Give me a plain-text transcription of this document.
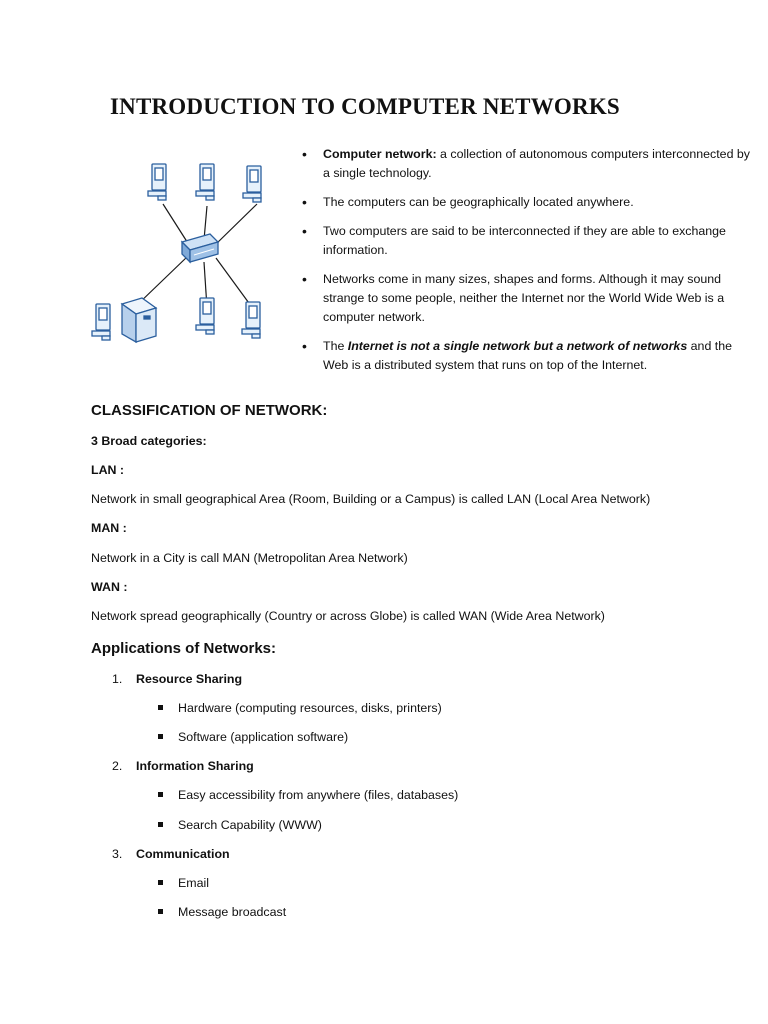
INTRODUCTION TO COMPUTER NETWORKS
• Computer network: a collection of autonomous computers interconnected by a single technology.
• The computers can be geographically located anywhere.
• Two computers are said to be interconnected if they are able to exchange information.
• Networks come in many sizes, shapes and forms. Although it may sound strange to some people, neither the Internet nor the World Wide Web is a computer network.
• The Internet is not a single network but a network of networks and the Web is a distributed system that runs on top of the Internet.
CLASSIFICATION OF NETWORK:

3 Broad categories:

LAN :

Network in small geographical Area (Room, Building or a Campus) is called LAN (Local Area Network)

MAN :

Network in a City is call MAN (Metropolitan Area Network)

WAN :

Network spread geographically (Country or across Globe) is called WAN (Wide Area Network)

Applications of Networks:
1. Resource Sharing
Hardware (computing resources, disks, printers)
Software (application software)
2. Information Sharing
Easy accessibility from anywhere (files, databases)
Search Capability (WWW)
3. Communication
Email
Message broadcast
